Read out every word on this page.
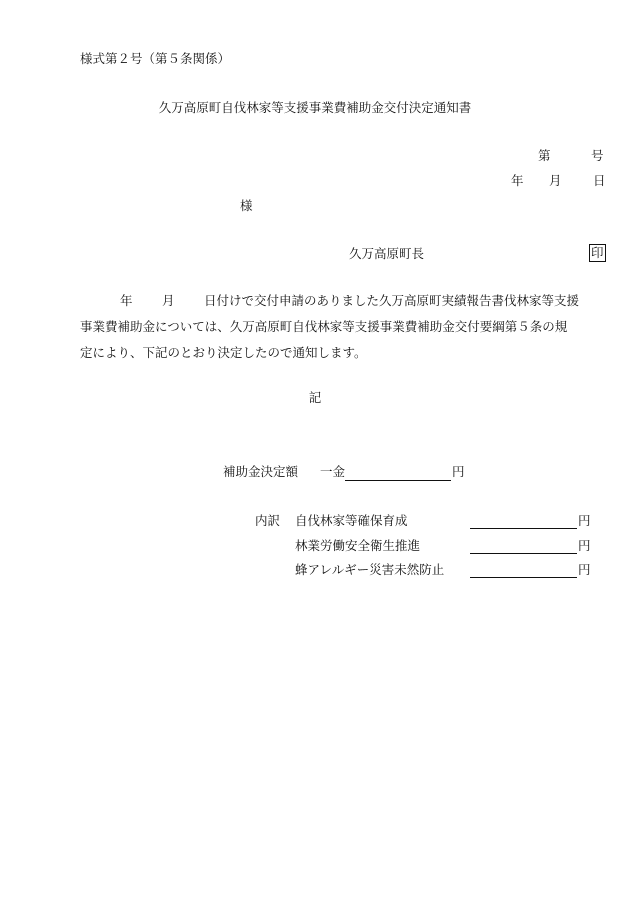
様式第２号（第５条関係）
久万高原町自伐林家等支援事業費補助金交付決定通知書
第	号
年 月	日
様
久万高原町長	印
年 月 日付けで交付申請のありました久万高原町実績報告書伐林家等支援
事業費補助金については、久万高原町自伐林家等支援事業費補助金交付要綱第５条の規
定により、下記のとおり決定したので通知します。
記
補助金決定額 一金	円
内訳 自伐林家等確保育成	円
林業労働安全衛生推進	円
蜂アレルギー災害未然防止	円
